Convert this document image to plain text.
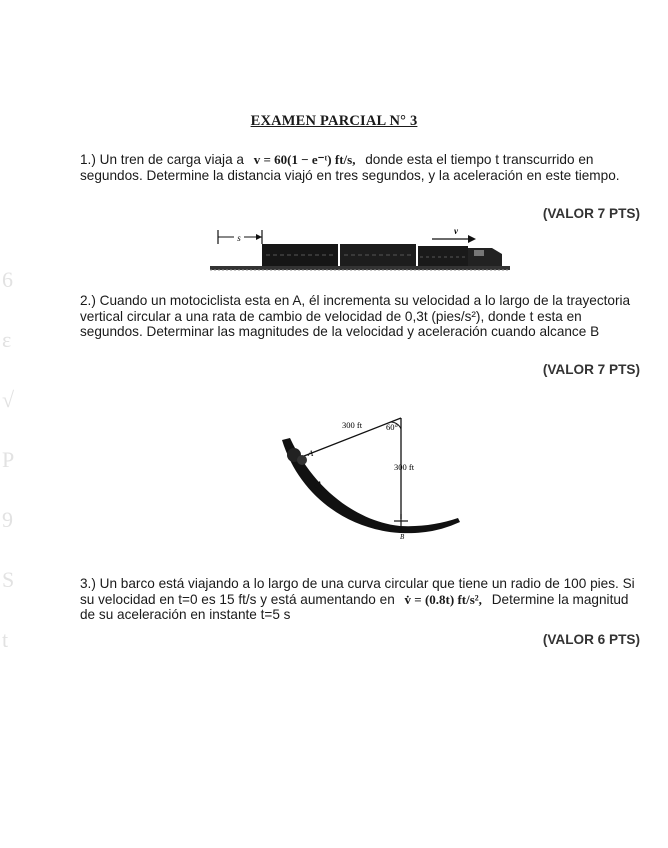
6
ε
√
P
9
S
t
EXAMEN PARCIAL N° 3
1.) Un tren de carga viaja a v = 60(1 − e⁻ᵗ) ft/s, donde esta el tiempo t transcurrido en segundos. Determine la distancia viajó en tres segundos, y la aceleración en este tiempo.
(VALOR 7 PTS)
s
v
2.) Cuando un motociclista esta en A, él incrementa su velocidad a lo largo de la trayectoria vertical circular a una rata de cambio de velocidad de 0,3t (pies/s²), donde t esta en segundos. Determinar las magnitudes de la velocidad y aceleración cuando alcance B
(VALOR 7 PTS)
300 ft	60°
300 ft
A
B
3.) Un barco está viajando a lo largo de una curva circular que tiene un radio de 100 pies. Si su velocidad en t=0 es 15 ft/s y está aumentando en v̇ = (0.8t) ft/s², Determine la magnitud de su aceleración en instante t=5 s
(VALOR 6 PTS)
